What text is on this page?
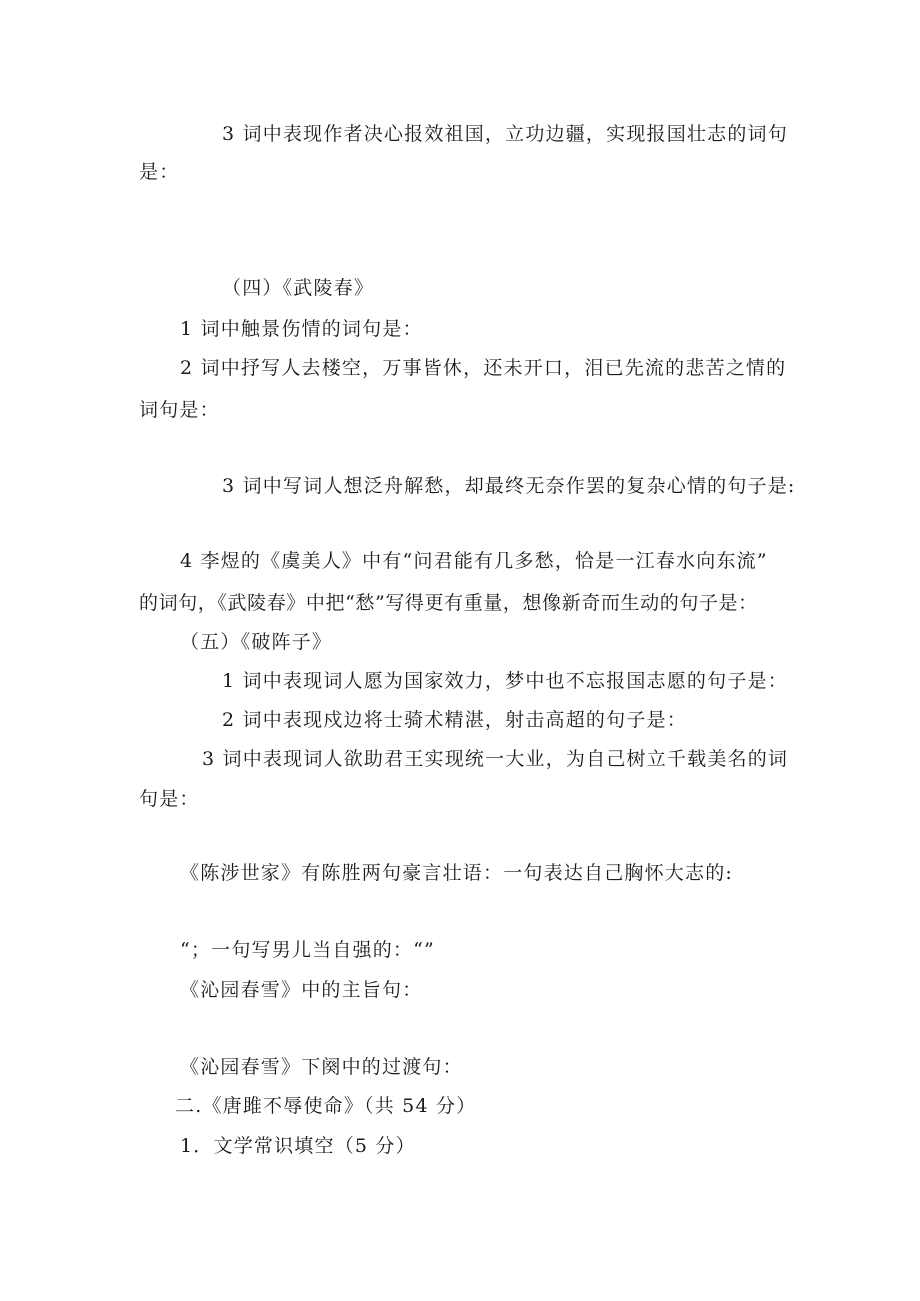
3 词中表现作者决心报效祖国，立功边疆，实现报国壮志的词句
是：
（四）《武陵春》
1 词中触景伤情的词句是：
2 词中抒写人去楼空，万事皆休，还未开口，泪已先流的悲苦之情的
词句是：
3 词中写词人想泛舟解愁，却最终无奈作罢的复杂心情的句子是:
4 李煜的《虞美人》中有“问君能有几多愁，恰是一江春水向东流”
的词句，《武陵春》中把“愁”写得更有重量，想像新奇而生动的句子是：
（五）《破阵子》
1 词中表现词人愿为国家效力，梦中也不忘报国志愿的句子是：
2 词中表现戍边将士骑术精湛，射击高超的句子是：
3 词中表现词人欲助君王实现统一大业，为自己树立千载美名的词
句是：
《陈涉世家》有陈胜两句豪言壮语：一句表达自己胸怀大志的:
“；一句写男儿当自强的：“”
《沁园春雪》中的主旨句：
《沁园春雪》下阕中的过渡句：
二.《唐雎不辱使命》（共 54 分）
1．文学常识填空（5 分）
